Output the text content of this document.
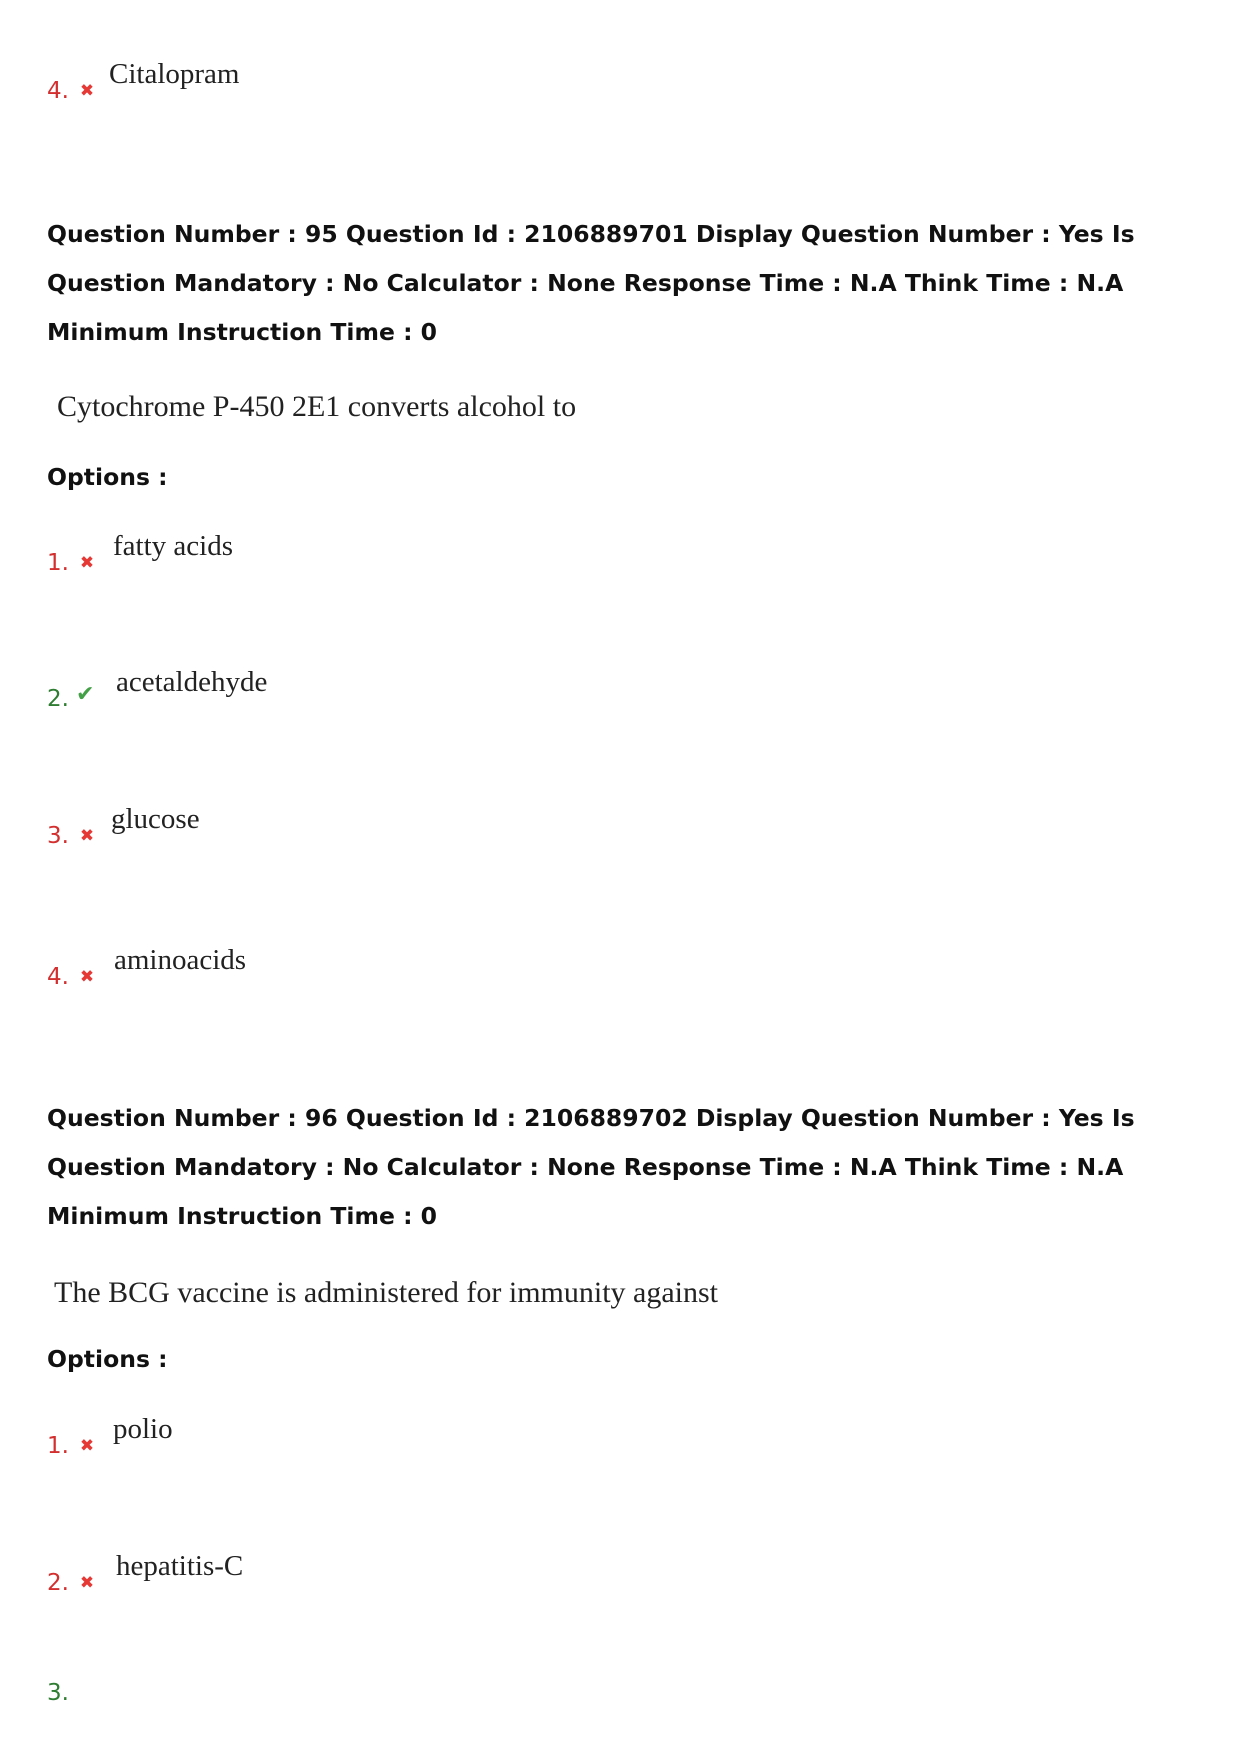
4. ✖
Citalopram
Question Number : 95 Question Id : 2106889701 Display Question Number : Yes Is Question Mandatory : No Calculator : None Response Time : N.A Think Time : N.A Minimum Instruction Time : 0
Cytochrome P-450 2E1 converts alcohol to
Options :
1. ✖
fatty acids
2. ✔ acetaldehyde
3. ✖
glucose
4. ✖
aminoacids
Question Number : 96 Question Id : 2106889702 Display Question Number : Yes Is Question Mandatory : No Calculator : None Response Time : N.A Think Time : N.A Minimum Instruction Time : 0
The BCG vaccine is administered for immunity against
Options :
1. ✖
polio
2. ✖
hepatitis-C
3.
